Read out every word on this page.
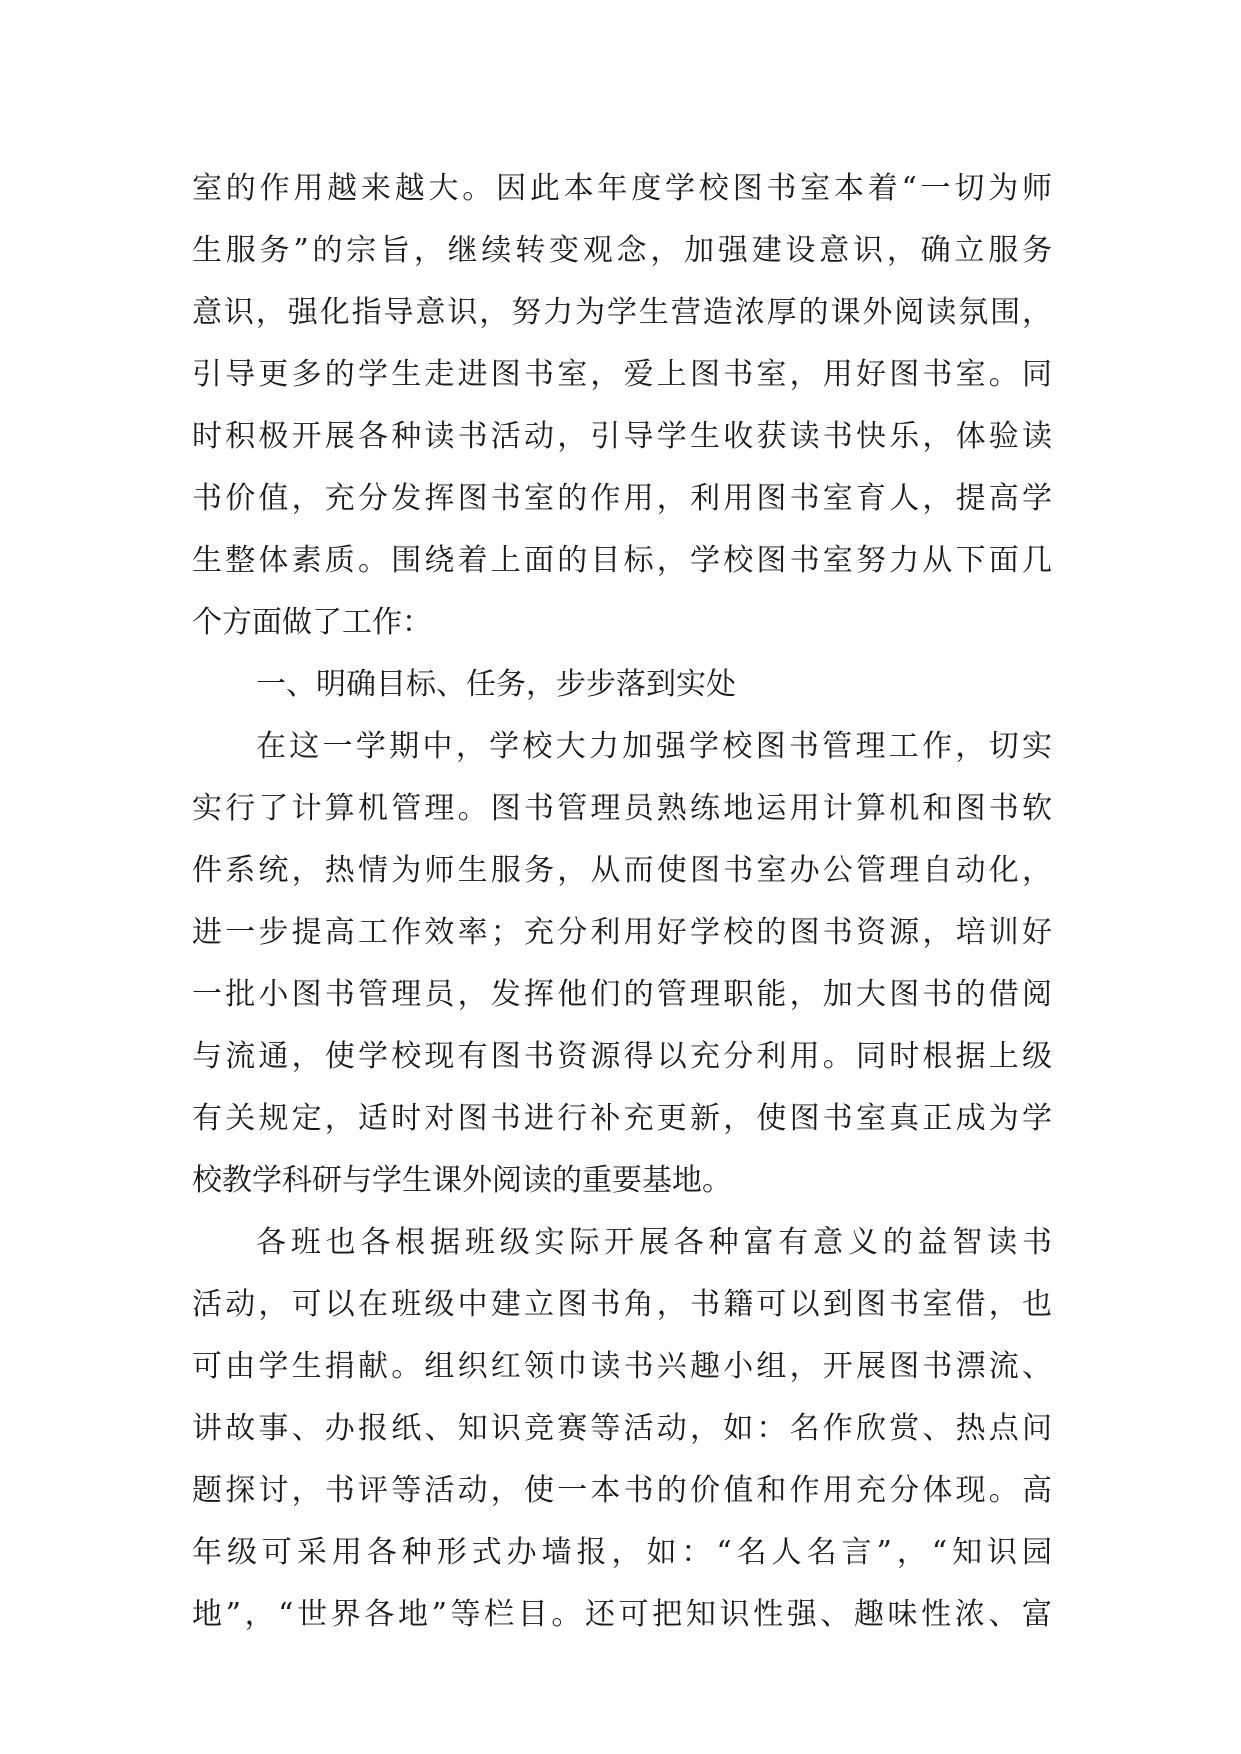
室的作用越来越大。因此本年度学校图书室本着“一切为师
生服务”的宗旨，继续转变观念，加强建设意识，确立服务
意识，强化指导意识，努力为学生营造浓厚的课外阅读氛围，
引导更多的学生走进图书室，爱上图书室，用好图书室。同
时积极开展各种读书活动，引导学生收获读书快乐，体验读
书价值，充分发挥图书室的作用，利用图书室育人，提高学
生整体素质。围绕着上面的目标，学校图书室努力从下面几
个方面做了工作：
一、明确目标、任务，步步落到实处
在这一学期中，学校大力加强学校图书管理工作，切实
实行了计算机管理。图书管理员熟练地运用计算机和图书软
件系统，热情为师生服务，从而使图书室办公管理自动化，
进一步提高工作效率；充分利用好学校的图书资源，培训好
一批小图书管理员，发挥他们的管理职能，加大图书的借阅
与流通，使学校现有图书资源得以充分利用。同时根据上级
有关规定，适时对图书进行补充更新，使图书室真正成为学
校教学科研与学生课外阅读的重要基地。
各班也各根据班级实际开展各种富有意义的益智读书
活动，可以在班级中建立图书角，书籍可以到图书室借，也
可由学生捐献。组织红领巾读书兴趣小组，开展图书漂流、
讲故事、办报纸、知识竞赛等活动，如：名作欣赏、热点问
题探讨，书评等活动，使一本书的价值和作用充分体现。高
年级可采用各种形式办墙报，如：“名人名言”，“知识园
地”，“世界各地”等栏目。还可把知识性强、趣味性浓、富
